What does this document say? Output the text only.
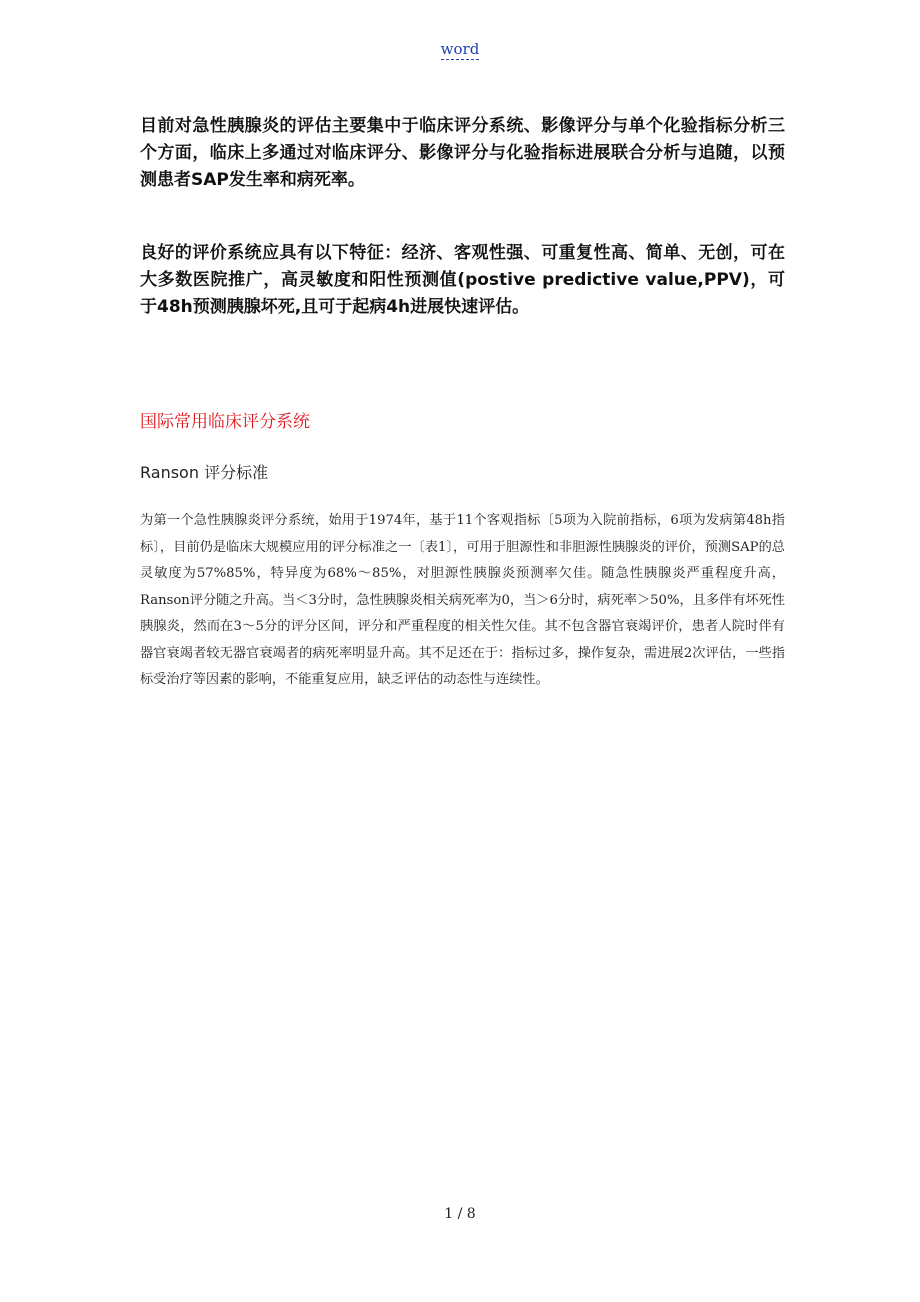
word

目前对急性胰腺炎的评估主要集中于临床评分系统、影像评分与单个化验指标分析三个方面，临床上多通过对临床评分、影像评分与化验指标进展联合分析与追随，以预测患者SAP发生率和病死率。

良好的评价系统应具有以下特征：经济、客观性强、可重复性高、简单、无创，可在大多数医院推广，高灵敏度和阳性预测值(postive predictive value,PPV)，可于48h预测胰腺坏死,且可于起病4h进展快速评估。

国际常用临床评分系统
Ranson 评分标准

为第一个急性胰腺炎评分系统，始用于1974年，基于11个客观指标〔5项为入院前指标，6项为发病第48h指标〕，目前仍是临床大规模应用的评分标准之一〔表1〕，可用于胆源性和非胆源性胰腺炎的评价，预测SAP的总灵敏度为57%85%，特异度为68%～85%，对胆源性胰腺炎预测率欠佳。随急性胰腺炎严重程度升高，Ranson评分随之升高。当＜3分时，急性胰腺炎相关病死率为0，当＞6分时，病死率＞50%，且多伴有坏死性胰腺炎，然而在3～5分的评分区间，评分和严重程度的相关性欠佳。其不包含器官衰竭评价，患者人院时伴有器官衰竭者较无器官衰竭者的病死率明显升高。其不足还在于：指标过多，操作复杂，需进展2次评估，一些指标受治疗等因素的影响，不能重复应用，缺乏评估的动态性与连续性。

1 / 8
